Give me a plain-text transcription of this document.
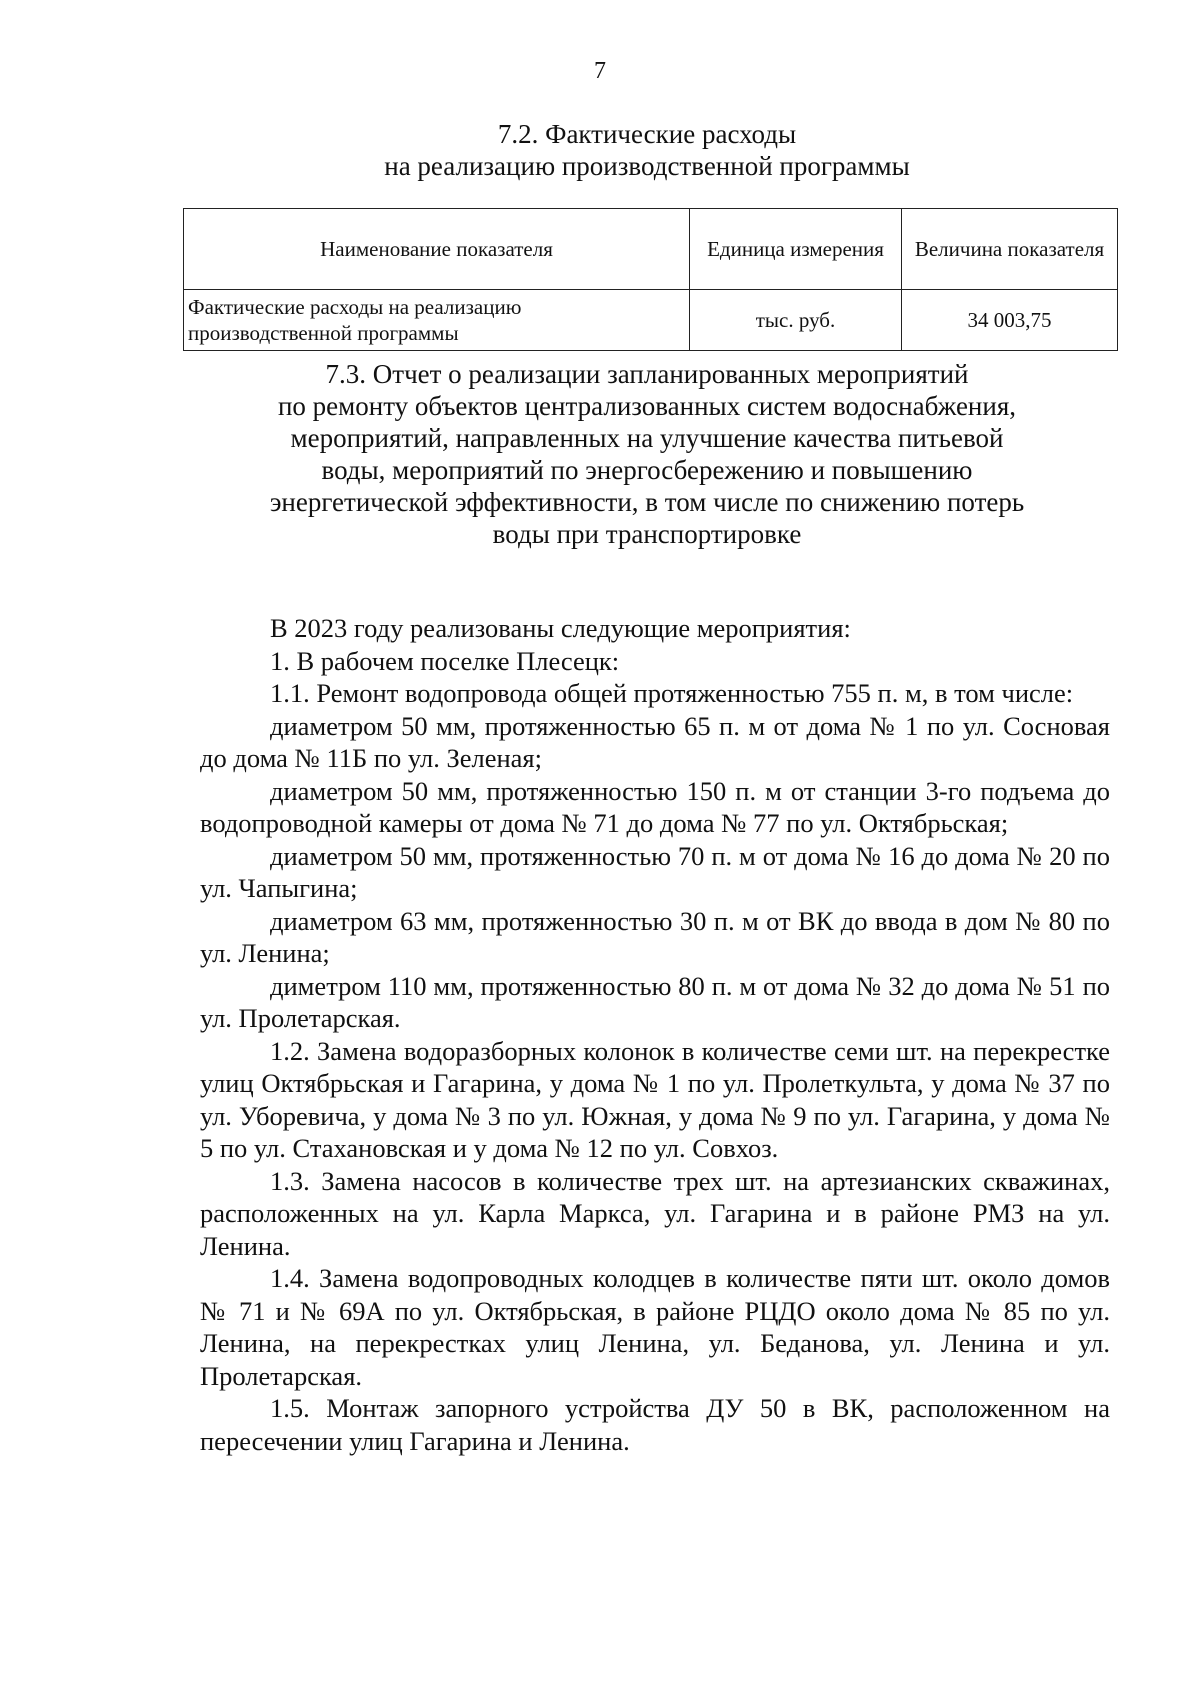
7
7.2. Фактические расходы
на реализацию производственной программы
Наименование показателя	Единица измерения	Величина показателя
Фактические расходы на реализацию производственной программы	тыс. руб.	34 003,75
7.3. Отчет о реализации запланированных мероприятий
по ремонту объектов централизованных систем водоснабжения,
мероприятий, направленных на улучшение качества питьевой
воды, мероприятий по энергосбережению и повышению
энергетической эффективности, в том числе по снижению потерь
воды при транспортировке

В 2023 году реализованы следующие мероприятия:

1. В рабочем поселке Плесецк:

1.1. Ремонт водопровода общей протяженностью 755 п. м, в том числе:

диаметром 50 мм, протяженностью 65 п. м от дома № 1 по ул. Сосновая до дома № 11Б по ул. Зеленая;

диаметром 50 мм, протяженностью 150 п. м от станции 3-го подъема до водопроводной камеры от дома № 71 до дома № 77 по ул. Октябрьская;

диаметром 50 мм, протяженностью 70 п. м от дома № 16 до дома № 20 по ул. Чапыгина;

диаметром 63 мм, протяженностью 30 п. м от ВК до ввода в дом № 80 по ул. Ленина;

диметром 110 мм, протяженностью 80 п. м от дома № 32 до дома № 51 по ул. Пролетарская.

1.2. Замена водоразборных колонок в количестве семи шт. на перекрестке улиц Октябрьская и Гагарина, у дома № 1 по ул. Пролеткульта, у дома № 37 по ул. Уборевича, у дома № 3 по ул. Южная, у дома № 9 по ул. Гагарина, у дома № 5 по ул. Стахановская и у дома № 12 по ул. Совхоз.

1.3. Замена насосов в количестве трех шт. на артезианских скважинах, расположенных на ул. Карла Маркса, ул. Гагарина и в районе РМЗ на ул. Ленина.

1.4. Замена водопроводных колодцев в количестве пяти шт. около домов № 71 и № 69А по ул. Октябрьская, в районе РЦДО около дома № 85 по ул. Ленина, на перекрестках улиц Ленина, ул. Беданова, ул. Ленина и ул. Пролетарская.

1.5. Монтаж запорного устройства ДУ 50 в ВК, расположенном на пересечении улиц Гагарина и Ленина.
